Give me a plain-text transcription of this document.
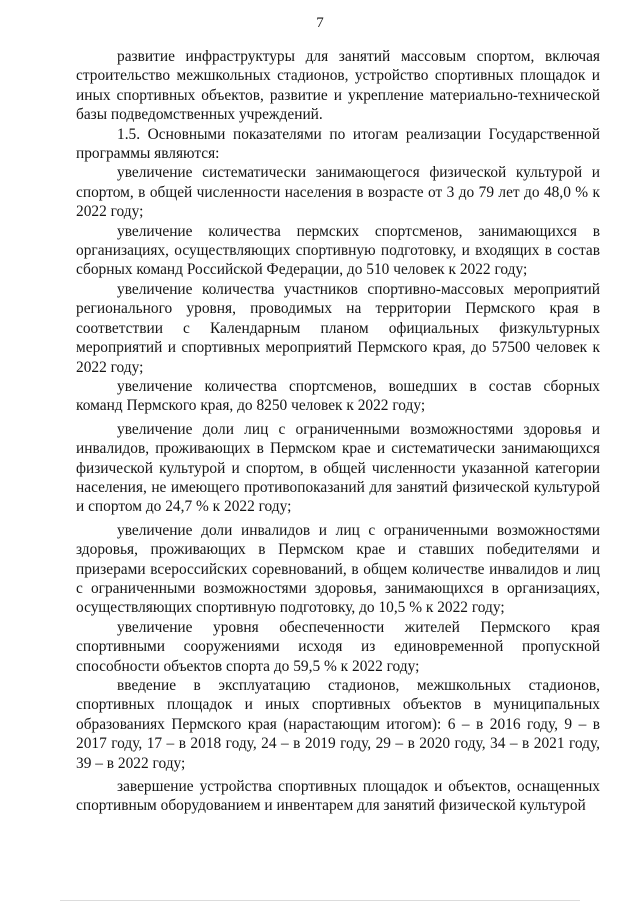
7

развитие инфраструктуры для занятий массовым спортом, включая строительство межшкольных стадионов, устройство спортивных площадок и иных спортивных объектов, развитие и укрепление материально-технической базы подведомственных учреждений.

1.5. Основными показателями по итогам реализации Государственной программы являются:

увеличение систематически занимающегося физической культурой и спортом, в общей численности населения в возрасте от 3 до 79 лет до 48,0 % к 2022 году;

увеличение количества пермских спортсменов, занимающихся в организациях, осуществляющих спортивную подготовку, и входящих в состав сборных команд Российской Федерации, до 510 человек к 2022 году;

увеличение количества участников спортивно-массовых мероприятий регионального уровня, проводимых на территории Пермского края в соответствии с Календарным планом официальных физкультурных мероприятий и спортивных мероприятий Пермского края, до 57500 человек к 2022 году;

увеличение количества спортсменов, вошедших в состав сборных команд Пермского края, до 8250 человек к 2022 году;

увеличение доли лиц с ограниченными возможностями здоровья и инвалидов, проживающих в Пермском крае и систематически занимающихся физической культурой и спортом, в общей численности указанной категории населения, не имеющего противопоказаний для занятий физической культурой и спортом до 24,7 % к 2022 году;

увеличение доли инвалидов и лиц с ограниченными возможностями здоровья, проживающих в Пермском крае и ставших победителями и призерами всероссийских соревнований, в общем количестве инвалидов и лиц с ограниченными возможностями здоровья, занимающихся в организациях, осуществляющих спортивную подготовку, до 10,5 % к 2022 году;

увеличение уровня обеспеченности жителей Пермского края спортивными сооружениями исходя из единовременной пропускной способности объектов спорта до 59,5 % к 2022 году;

введение в эксплуатацию стадионов, межшкольных стадионов, спортивных площадок и иных спортивных объектов в муниципальных образованиях Пермского края (нарастающим итогом): 6 – в 2016 году, 9 – в 2017 году, 17 – в 2018 году, 24 – в 2019 году, 29 – в 2020 году, 34 – в 2021 году, 39 – в 2022 году;

завершение устройства спортивных площадок и объектов, оснащенных спортивным оборудованием и инвентарем для занятий физической культурой
